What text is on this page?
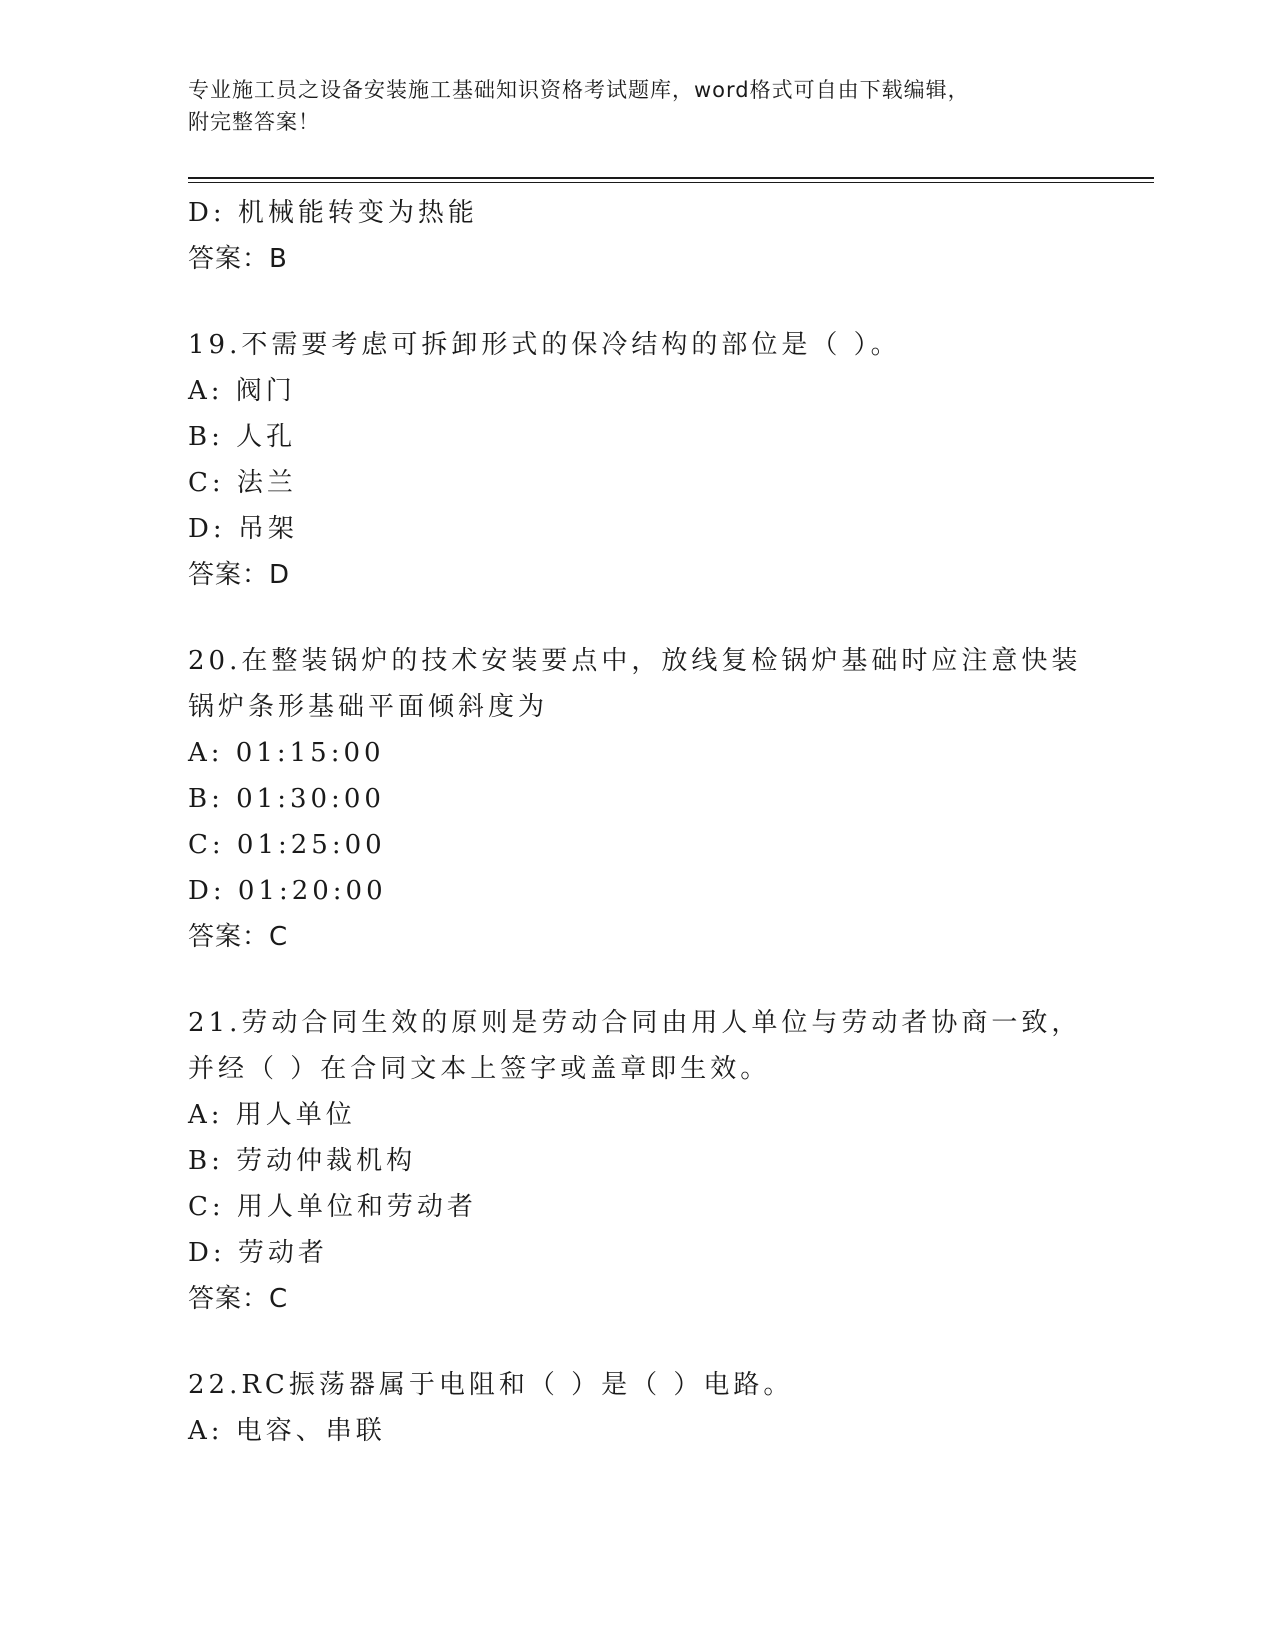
专业施工员之设备安装施工基础知识资格考试题库，word格式可自由下载编辑，
附完整答案！
D: 机械能转变为热能
答案：B
19.不需要考虑可拆卸形式的保冷结构的部位是（ ）。
A: 阀门
B: 人孔
C: 法兰
D: 吊架
答案：D
20.在整装锅炉的技术安装要点中，放线复检锅炉基础时应注意快装锅炉条形基础平面倾斜度为
A: 01:15:00
B: 01:30:00
C: 01:25:00
D: 01:20:00
答案：C
21.劳动合同生效的原则是劳动合同由用人单位与劳动者协商一致，并经（ ）在合同文本上签字或盖章即生效。
A: 用人单位
B: 劳动仲裁机构
C: 用人单位和劳动者
D: 劳动者
答案：C
22.RC振荡器属于电阻和（ ）是（ ）电路。
A: 电容、串联
